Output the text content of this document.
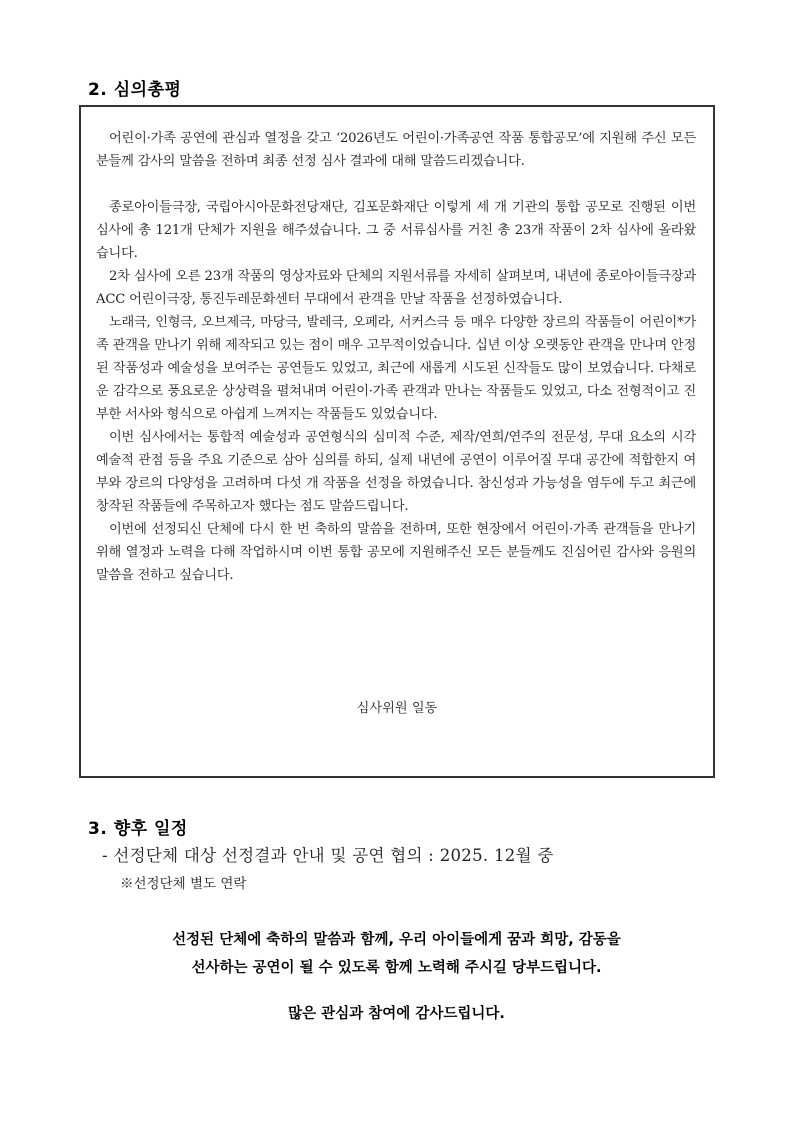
2. 심의총평

어린이·가족 공연에 관심과 열정을 갖고 ‘2026년도 어린이·가족공연 작품 통합공모’에 지원해 주신 모든 분들께 감사의 말씀을 전하며 최종 선정 심사 결과에 대해 말씀드리겠습니다.

종로아이들극장, 국립아시아문화전당재단, 김포문화재단 이렇게 세 개 기관의 통합 공모로 진행된 이번 심사에 총 121개 단체가 지원을 해주셨습니다. 그 중 서류심사를 거친 총 23개 작품이 2차 심사에 올라왔습니다.

2차 심사에 오른 23개 작품의 영상자료와 단체의 지원서류를 자세히 살펴보며, 내년에 종로아이들극장과 ACC 어린이극장, 통진두레문화센터 무대에서 관객을 만날 작품을 선정하였습니다.

노래극, 인형극, 오브제극, 마당극, 발레극, 오페라, 서커스극 등 매우 다양한 장르의 작품들이 어린이*가족 관객을 만나기 위해 제작되고 있는 점이 매우 고무적이었습니다. 십년 이상 오랫동안 관객을 만나며 안정된 작품성과 예술성을 보여주는 공연들도 있었고, 최근에 새롭게 시도된 신작들도 많이 보였습니다. 다채로운 감각으로 풍요로운 상상력을 펼쳐내며 어린이·가족 관객과 만나는 작품들도 있었고, 다소 전형적이고 진부한 서사와 형식으로 아쉽게 느껴지는 작품들도 있었습니다.

이번 심사에서는 통합적 예술성과 공연형식의 심미적 수준, 제작/연희/연주의 전문성, 무대 요소의 시각 예술적 관점 등을 주요 기준으로 삼아 심의를 하되, 실제 내년에 공연이 이루어질 무대 공간에 적합한지 여부와 장르의 다양성을 고려하며 다섯 개 작품을 선정을 하였습니다. 참신성과 가능성을 염두에 두고 최근에 창작된 작품들에 주목하고자 했다는 점도 말씀드립니다.

이번에 선정되신 단체에 다시 한 번 축하의 말씀을 전하며, 또한 현장에서 어린이·가족 관객들을 만나기 위해 열정과 노력을 다해 작업하시며 이번 통합 공모에 지원해주신 모든 분들께도 진심어린 감사와 응원의 말씀을 전하고 싶습니다.

심사위원 일동
3. 향후 일정
- 선정단체 대상 선정결과 안내 및 공연 협의 : 2025. 12월 중
※선정단체 별도 연락
선정된 단체에 축하의 말씀과 함께, 우리 아이들에게 꿈과 희망, 감동을
선사하는 공연이 될 수 있도록 함께 노력해 주시길 당부드립니다.
많은 관심과 참여에 감사드립니다.
